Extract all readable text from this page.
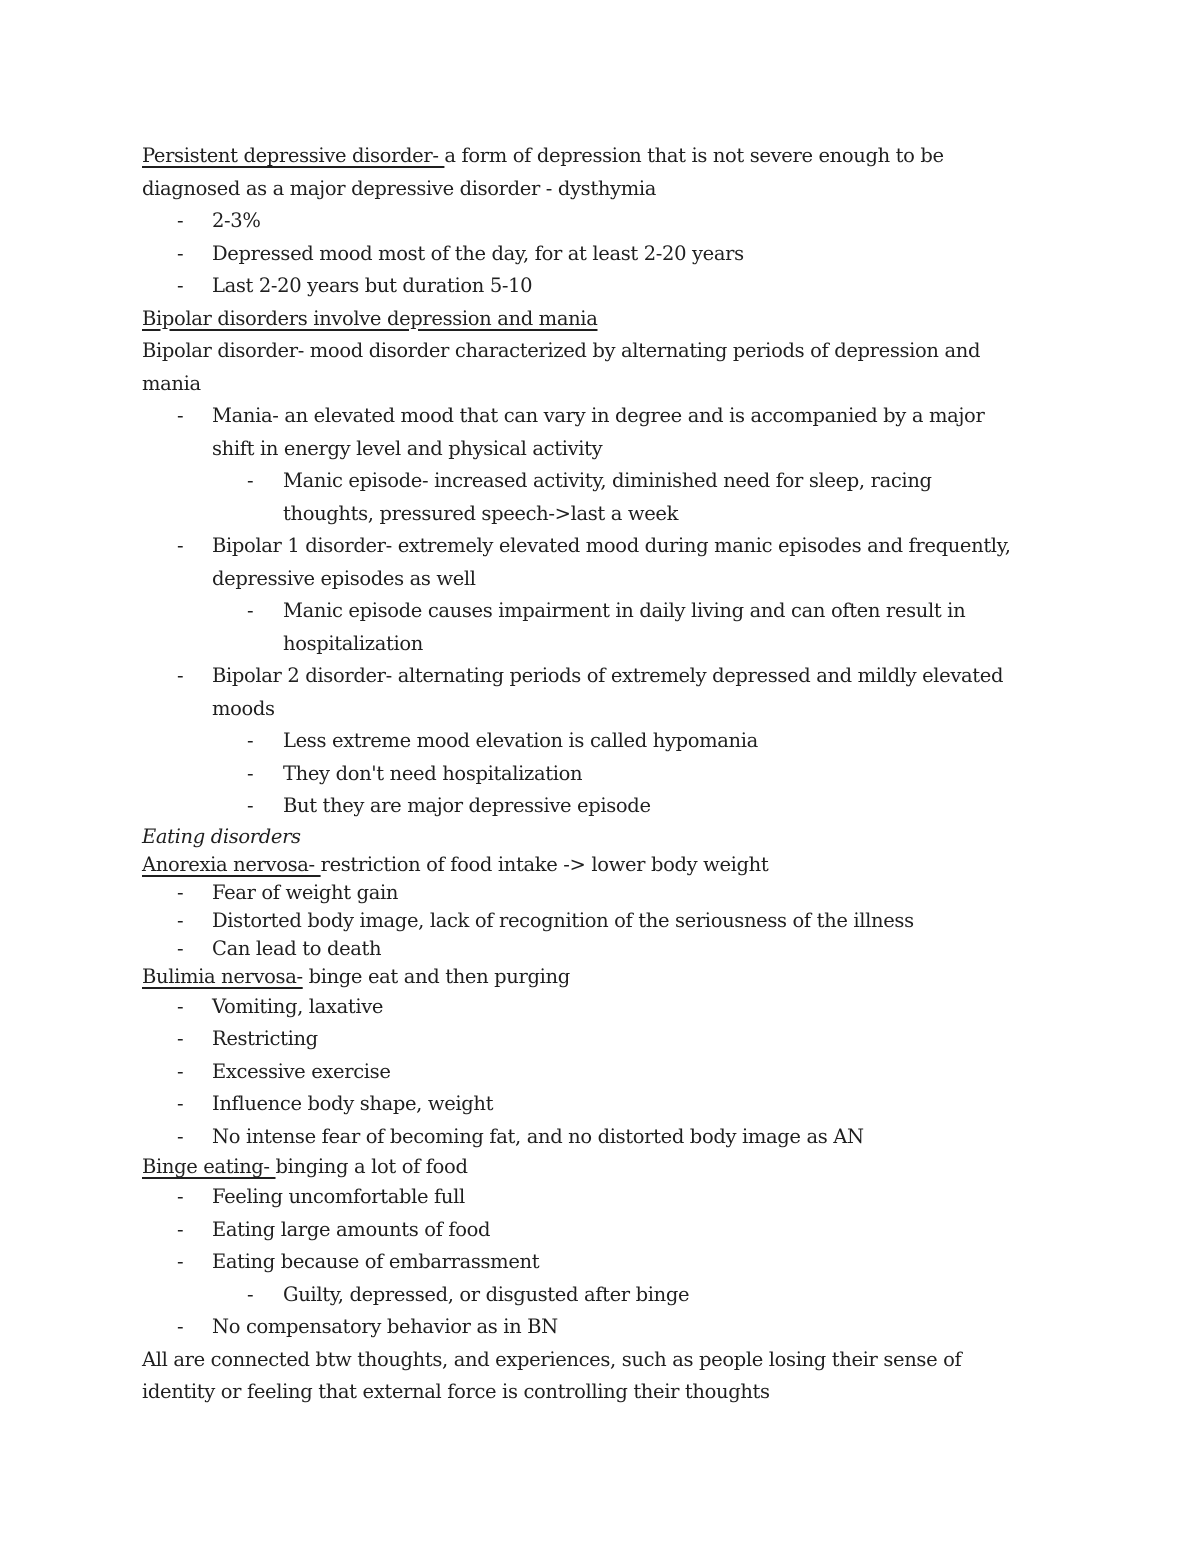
Persistent depressive disorder- a form of depression that is not severe enough to be
diagnosed as a major depressive disorder - dysthymia

- 2-3%
- Depressed mood most of the day, for at least 2-20 years
- Last 2-20 years but duration 5-10

Bipolar disorders involve depression and mania

Bipolar disorder- mood disorder characterized by alternating periods of depression and
mania

- Mania- an elevated mood that can vary in degree and is accompanied by a major
shift in energy level and physical activity
- Manic episode- increased activity, diminished need for sleep, racing
thoughts, pressured speech->last a week
- Bipolar 1 disorder- extremely elevated mood during manic episodes and frequently,
depressive episodes as well
- Manic episode causes impairment in daily living and can often result in
hospitalization
- Bipolar 2 disorder- alternating periods of extremely depressed and mildly elevated
moods
- Less extreme mood elevation is called hypomania
- They don't need hospitalization
- But they are major depressive episode

Eating disorders

Anorexia nervosa- restriction of food intake -> lower body weight

- Fear of weight gain
- Distorted body image, lack of recognition of the seriousness of the illness
- Can lead to death

Bulimia nervosa- binge eat and then purging

- Vomiting, laxative
- Restricting
- Excessive exercise
- Influence body shape, weight
- No intense fear of becoming fat, and no distorted body image as AN

Binge eating- binging a lot of food

- Feeling uncomfortable full
- Eating large amounts of food
- Eating because of embarrassment
- Guilty, depressed, or disgusted after binge
- No compensatory behavior as in BN

All are connected btw thoughts, and experiences, such as people losing their sense of
identity or feeling that external force is controlling their thoughts
